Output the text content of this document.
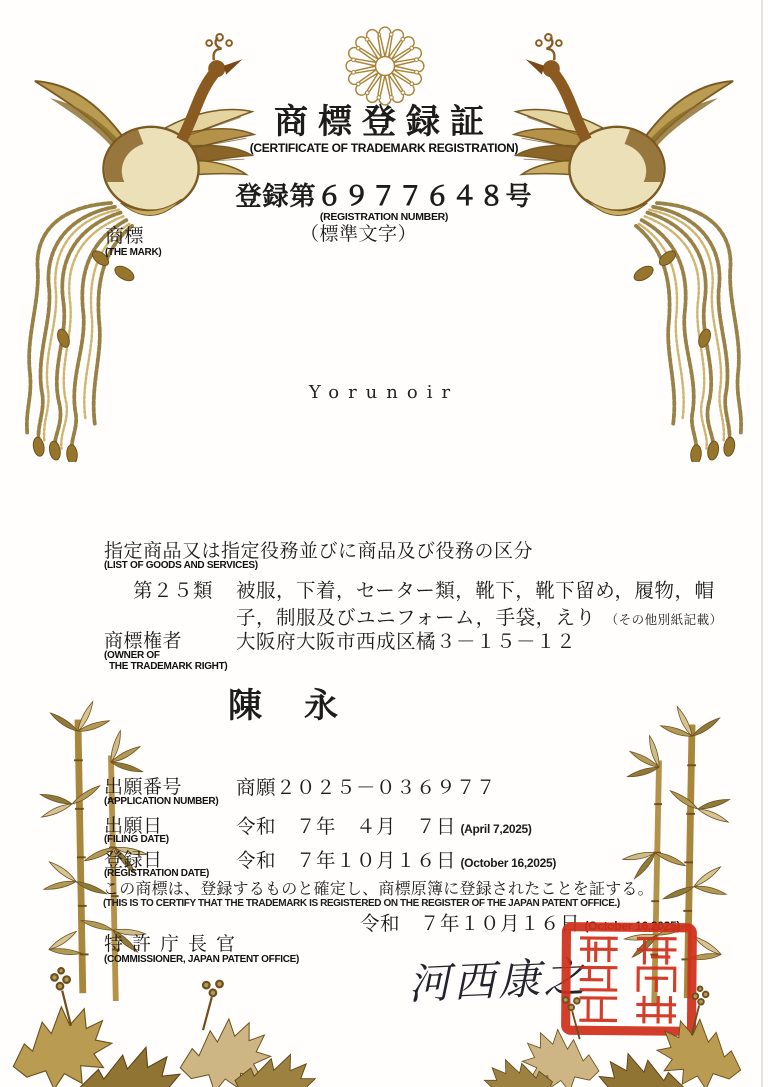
商標登録証
(CERTIFICATE OF TRADEMARK REGISTRATION)
登録第６９７７６４８号
(REGISTRATION NUMBER)
商標
(THE MARK)
（標準文字）
Yorunoir
指定商品又は指定役務並びに商品及び役務の区分
(LIST OF GOODS AND SERVICES)
第２５類 被服，下着，セーター類，靴下，靴下留め，履物，帽
子，制服及びユニフォーム，手袋，えり （その他別紙記載）
商標権者
(OWNER OF
THE TRADEMARK RIGHT)
大阪府大阪市西成区橘３－１５－１２
陳　永
出願番号
(APPLICATION NUMBER)
商願２０２５－０３６９７７
出願日
(FILING DATE)
令和　７年　４月　７日 (April 7,2025)
登録日
(REGISTRATION DATE)
令和　７年１０月１６日 (October 16,2025)
この商標は、登録するものと確定し、商標原簿に登録されたことを証する。
(THIS IS TO CERTIFY THAT THE TRADEMARK IS REGISTERED ON THE REGISTER OF THE JAPAN PATENT OFFICE.)
令和　７年１０月１６日 (October 16,2025)
特許庁長官
(COMMISSIONER, JAPAN PATENT OFFICE)	河西康之
